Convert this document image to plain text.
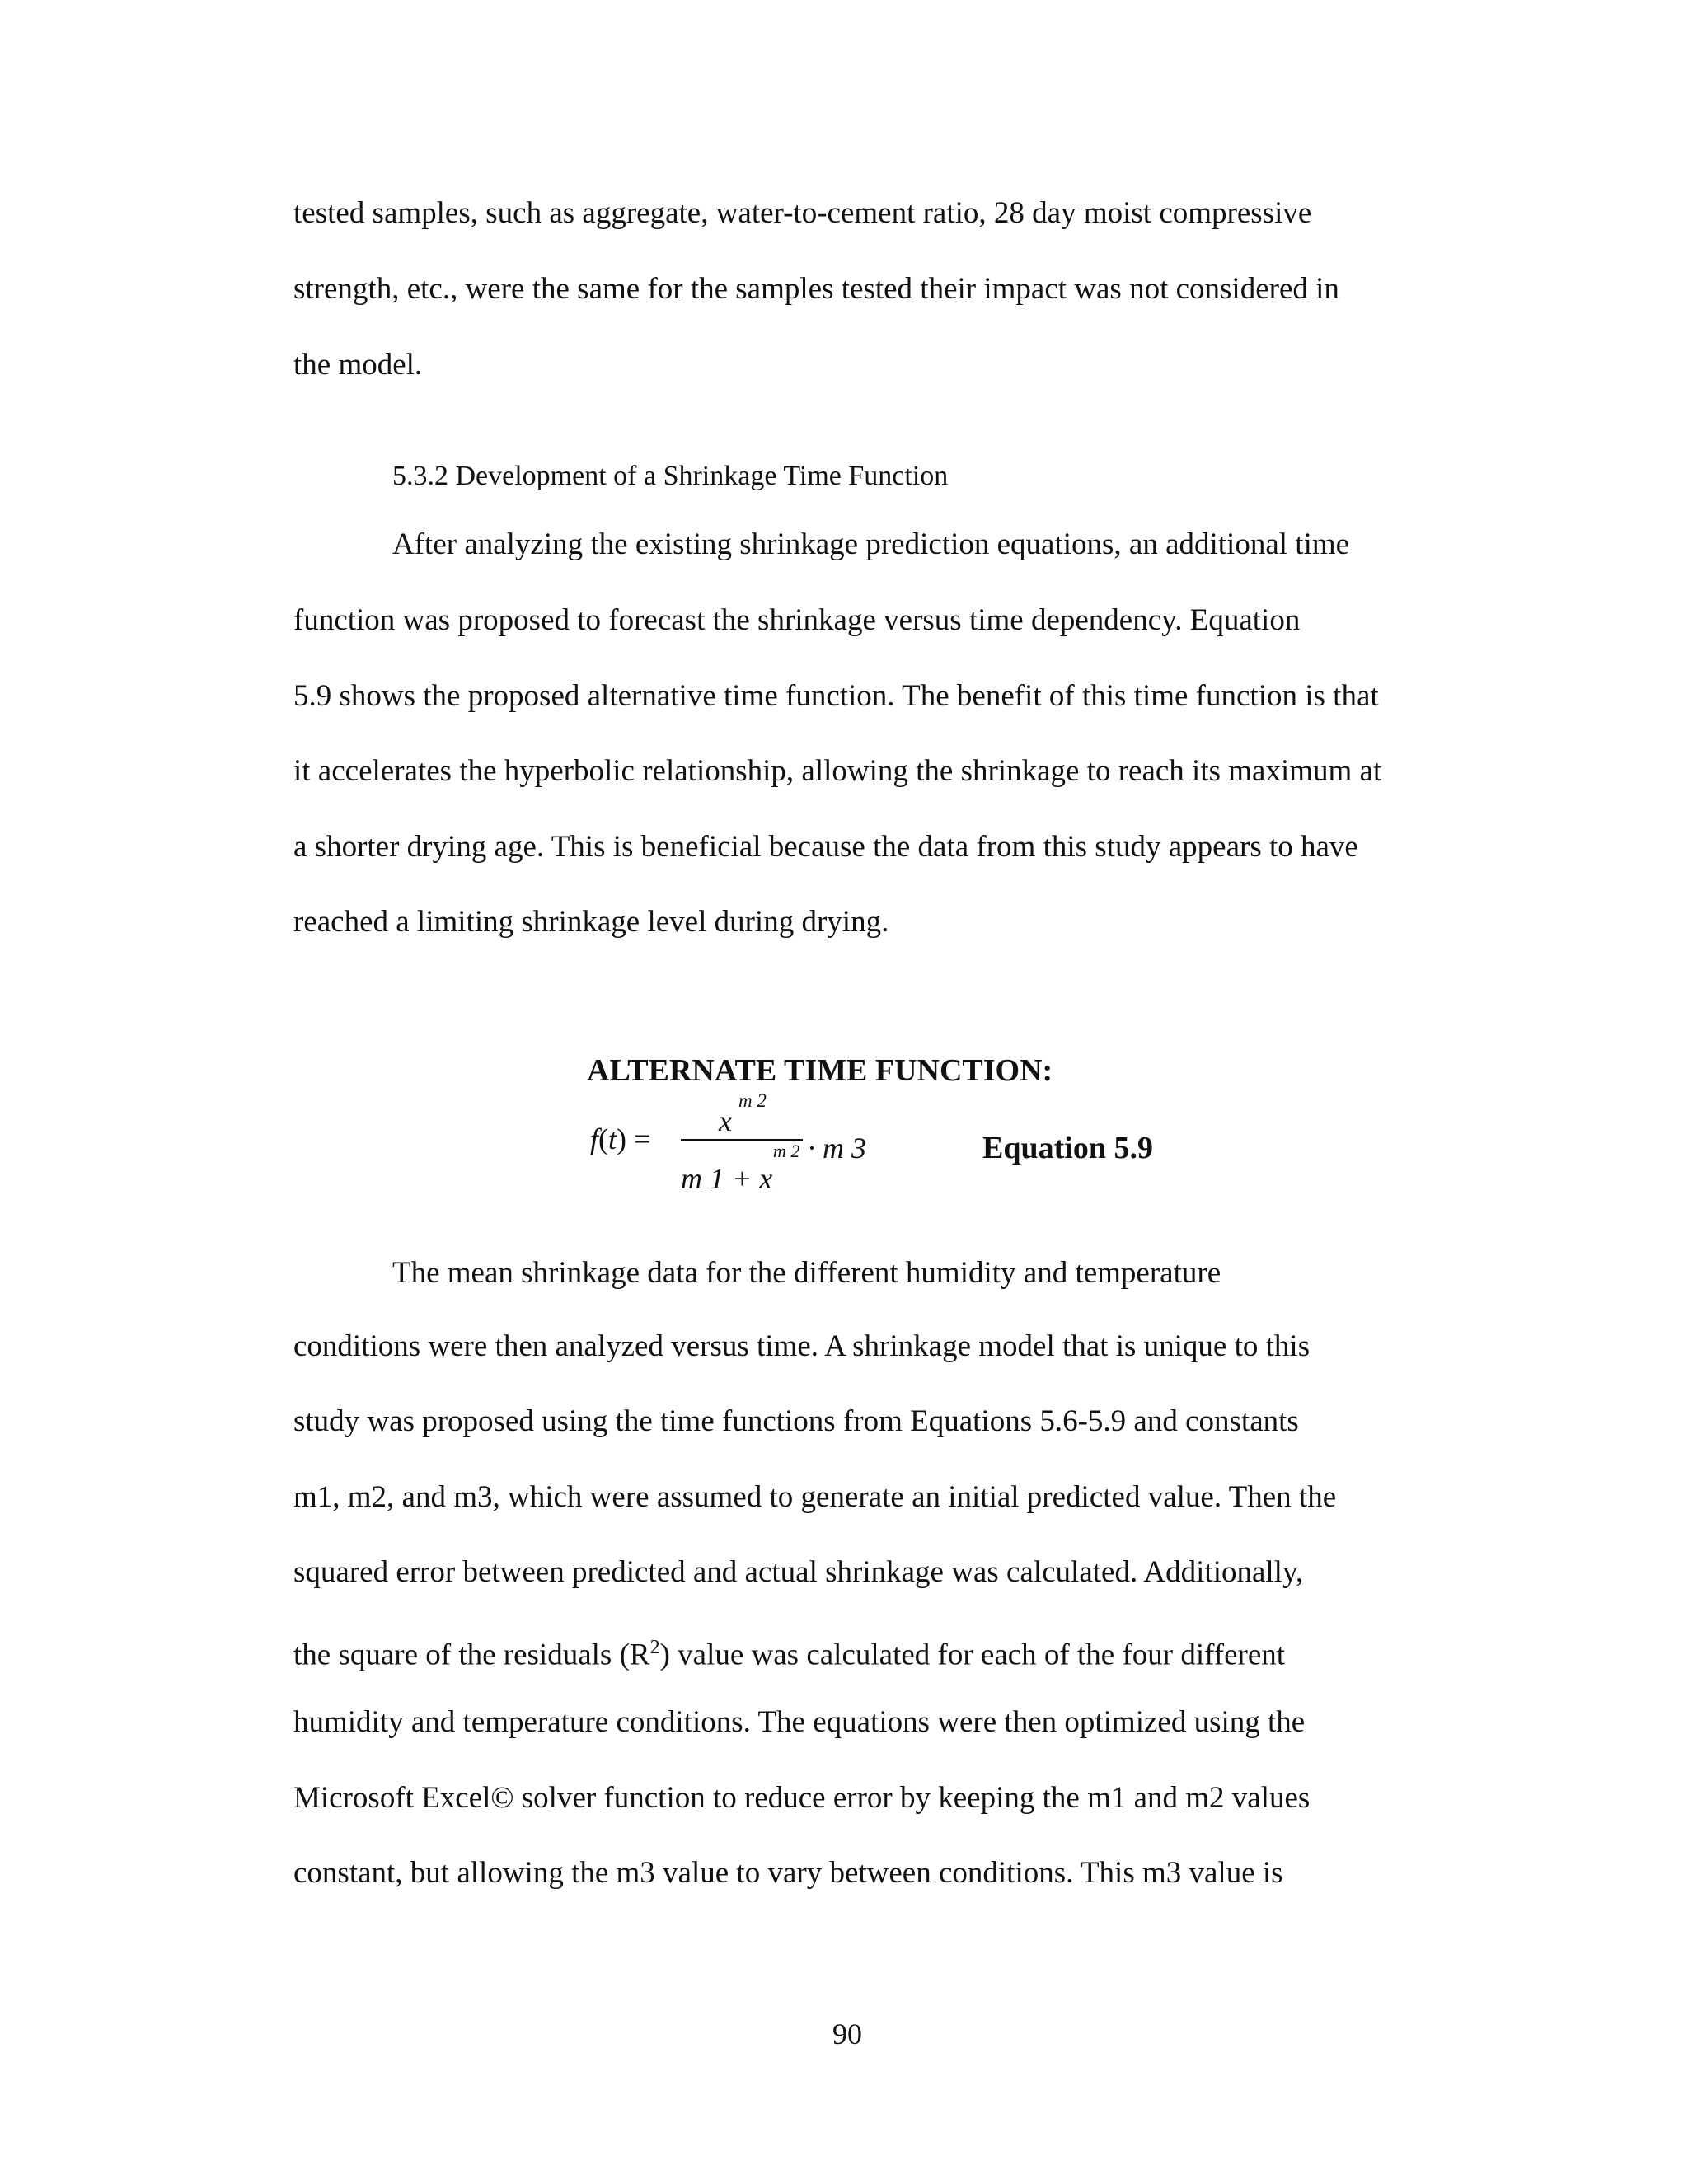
tested samples, such as aggregate, water-to-cement ratio, 28 day moist compressive
strength, etc., were the same for the samples tested their impact was not considered in
the model.
5.3.2 Development of a Shrinkage Time Function
After analyzing the existing shrinkage prediction equations, an additional time
function was proposed to forecast the shrinkage versus time dependency. Equation
5.9 shows the proposed alternative time function. The benefit of this time function is that
it accelerates the hyperbolic relationship, allowing the shrinkage to reach its maximum at
a shorter drying age. This is beneficial because the data from this study appears to have
reached a limiting shrinkage level during drying.
ALTERNATE TIME FUNCTION:
f(t) =
x
m 2
m 2
m 1 + x
· m 3	Equation 5.9
The mean shrinkage data for the different humidity and temperature
conditions were then analyzed versus time. A shrinkage model that is unique to this
study was proposed using the time functions from Equations 5.6-5.9 and constants
m1, m2, and m3, which were assumed to generate an initial predicted value. Then the
squared error between predicted and actual shrinkage was calculated. Additionally,
the square of the residuals $(R^2)$ value was calculated for each of the four different
humidity and temperature conditions. The equations were then optimized using the
Microsoft Excel© solver function to reduce error by keeping the m1 and m2 values
constant, but allowing the m3 value to vary between conditions. This m3 value is
90
